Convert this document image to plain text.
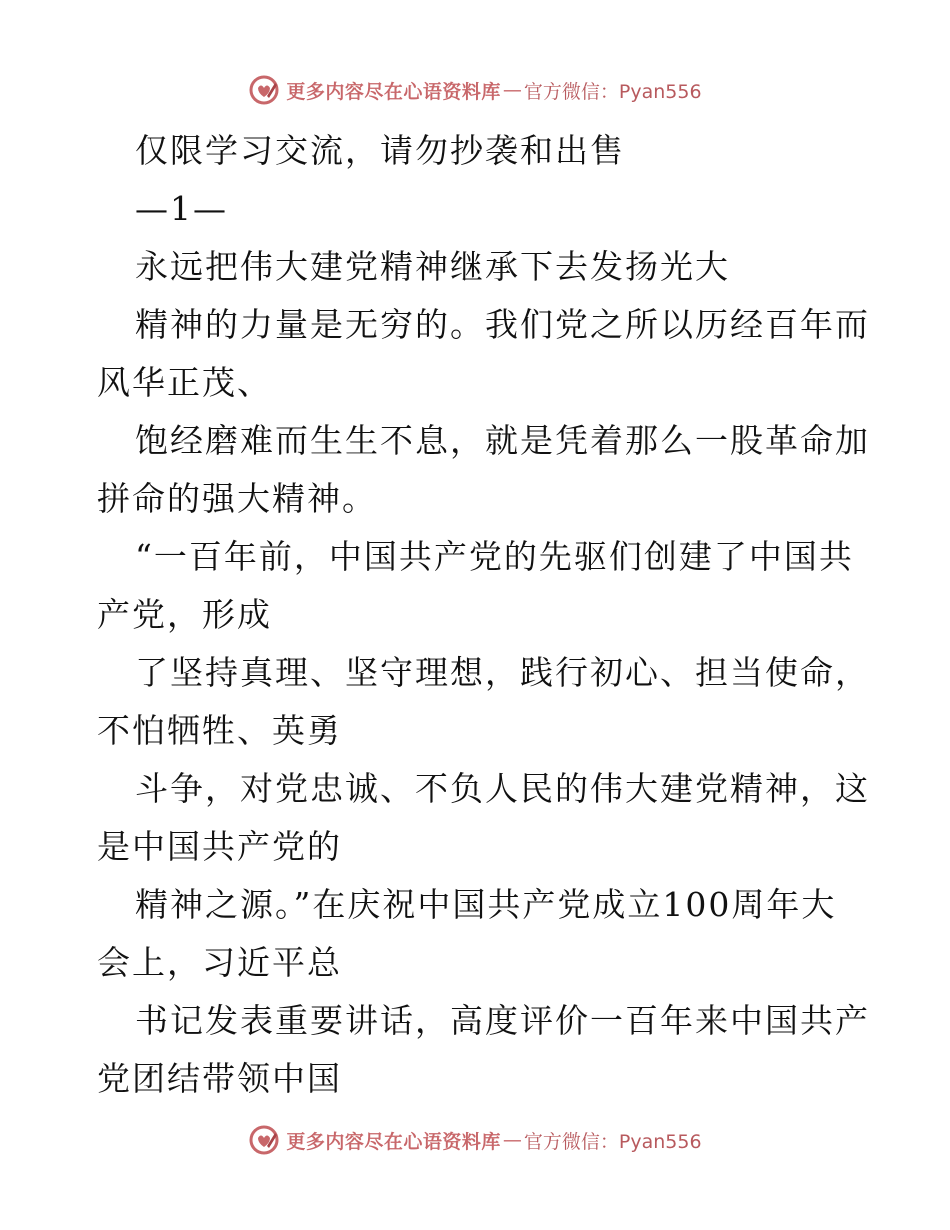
更多内容尽在心语资料库 — 官方微信：Pyan556
仅限学习交流，请勿抄袭和出售
—1—
永远把伟大建党精神继承下去发扬光大
精神的力量是无穷的。我们党之所以历经百年而
风华正茂、
饱经磨难而生生不息，就是凭着那么一股革命加
拼命的强大精神。
“一百年前，中国共产党的先驱们创建了中国共
产党，形成
了坚持真理、坚守理想，践行初心、担当使命，
不怕牺牲、英勇
斗争，对党忠诚、不负人民的伟大建党精神，这
是中国共产党的
精神之源。”在庆祝中国共产党成立100周年大
会上，习近平总
书记发表重要讲话，高度评价一百年来中国共产
党团结带领中国
更多内容尽在心语资料库 — 官方微信：Pyan556
